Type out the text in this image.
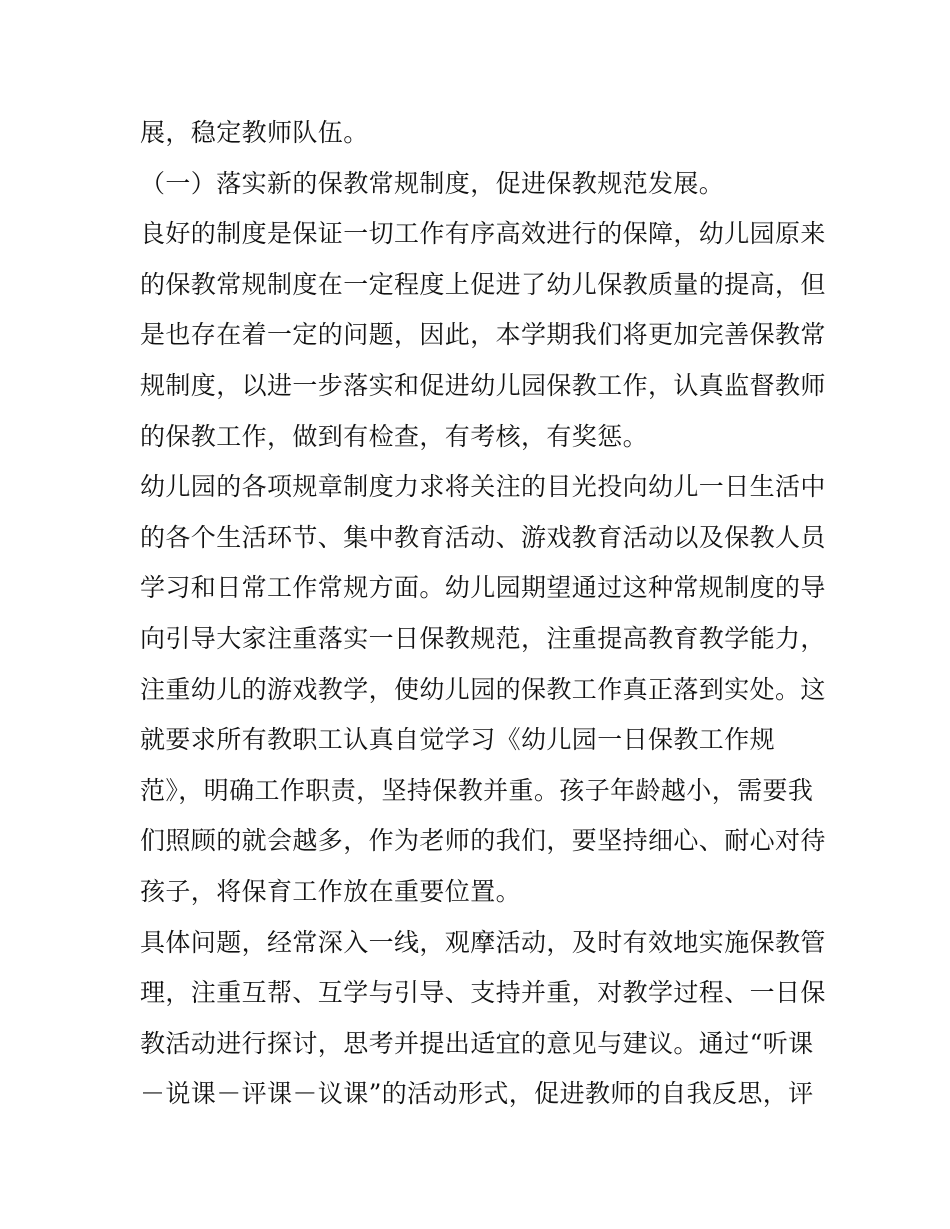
展，稳定教师队伍。
（一）落实新的保教常规制度，促进保教规范发展。
良好的制度是保证一切工作有序高效进行的保障，幼儿园原来
的保教常规制度在一定程度上促进了幼儿保教质量的提高，但
是也存在着一定的问题，因此，本学期我们将更加完善保教常
规制度，以进一步落实和促进幼儿园保教工作，认真监督教师
的保教工作，做到有检查，有考核，有奖惩。
幼儿园的各项规章制度力求将关注的目光投向幼儿一日生活中
的各个生活环节、集中教育活动、游戏教育活动以及保教人员
学习和日常工作常规方面。幼儿园期望通过这种常规制度的导
向引导大家注重落实一日保教规范，注重提高教育教学能力，
注重幼儿的游戏教学，使幼儿园的保教工作真正落到实处。这
就要求所有教职工认真自觉学习《幼儿园一日保教工作规
范》，明确工作职责，坚持保教并重。孩子年龄越小，需要我
们照顾的就会越多，作为老师的我们，要坚持细心、耐心对待
孩子，将保育工作放在重要位置。
具体问题，经常深入一线，观摩活动，及时有效地实施保教管
理，注重互帮、互学与引导、支持并重，对教学过程、一日保
教活动进行探讨，思考并提出适宜的意见与建议。通过“听课
－说课－评课－议课”的活动形式，促进教师的自我反思，评
